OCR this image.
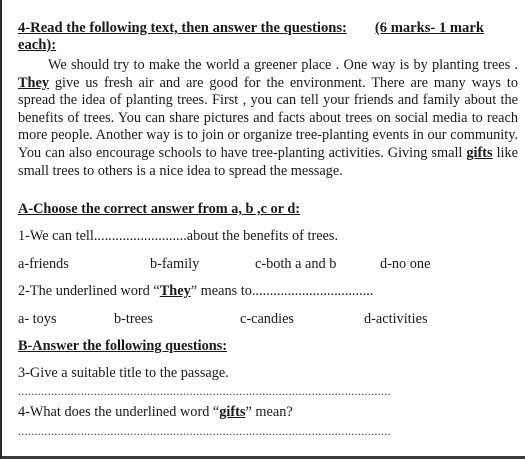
4-Read the following text, then answer the questions: (6 marks- 1 mark
each):

We should try to make the world a greener place . One way is by planting trees . They give us fresh air and are good for the environment. There are many ways to spread the idea of planting trees. First , you can tell your friends and family about the benefits of trees. You can share pictures and facts about trees on social media to reach more people. Another way is to join or organize tree-planting events in our community. You can also encourage schools to have tree-planting activities. Giving small gifts like small trees to others is a nice idea to spread the message.

A-Choose the correct answer from a, b ,c or d:
1-We can tell..........................about the benefits of trees.
a-friends	b-family	c-both a and b	d-no one
2-The underlined word “They” means to..................................
a- toys	b-trees	c-candies	d-activities
B-Answer the following questions:
3-Give a suitable title to the passage.
.................................................................................................................
4-What does the underlined word “gifts” mean?
.................................................................................................................
